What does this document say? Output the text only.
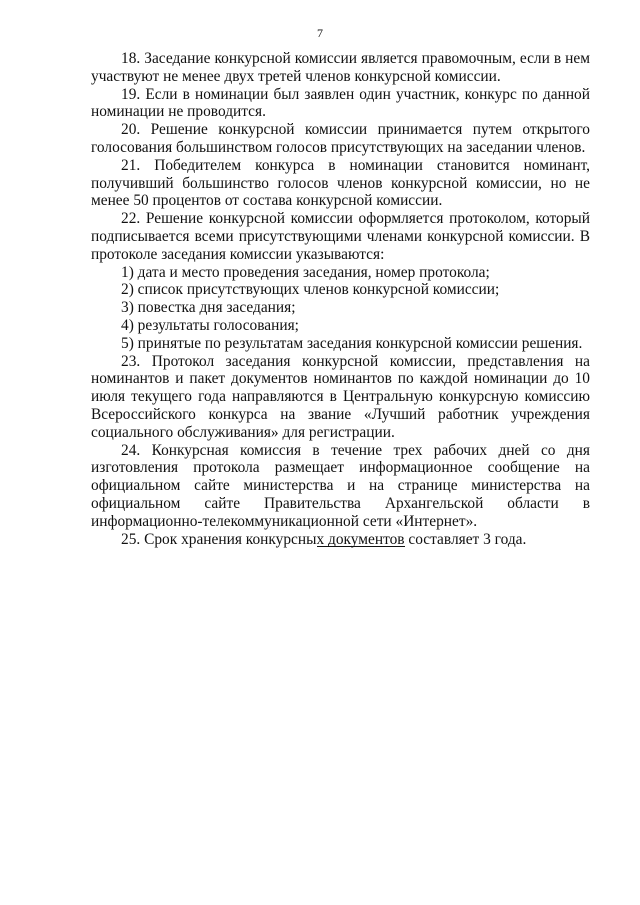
7

18. Заседание конкурсной комиссии является правомочным, если в нем участвуют не менее двух третей членов конкурсной комиссии.

19. Если в номинации был заявлен один участник, конкурс по данной номинации не проводится.

20. Решение конкурсной комиссии принимается путем открытого голосования большинством голосов присутствующих на заседании членов.

21. Победителем конкурса в номинации становится номинант, получивший большинство голосов членов конкурсной комиссии, но не менее 50 процентов от состава конкурсной комиссии.

22. Решение конкурсной комиссии оформляется протоколом, который подписывается всеми присутствующими членами конкурсной комиссии. В протоколе заседания комиссии указываются:

1) дата и место проведения заседания, номер протокола;

2) список присутствующих членов конкурсной комиссии;

3) повестка дня заседания;

4) результаты голосования;

5) принятые по результатам заседания конкурсной комиссии решения.

23. Протокол заседания конкурсной комиссии, представления на номинантов и пакет документов номинантов по каждой номинации до 10 июля текущего года направляются в Центральную конкурсную комиссию Всероссийского конкурса на звание «Лучший работник учреждения социального обслуживания» для регистрации.

24. Конкурсная комиссия в течение трех рабочих дней со дня изготовления протокола размещает информационное сообщение на официальном сайте министерства и на странице министерства на официальном сайте Правительства Архангельской области в информационно-телекоммуникационной сети «Интернет».

25. Срок хранения конкурсных документов составляет 3 года.
